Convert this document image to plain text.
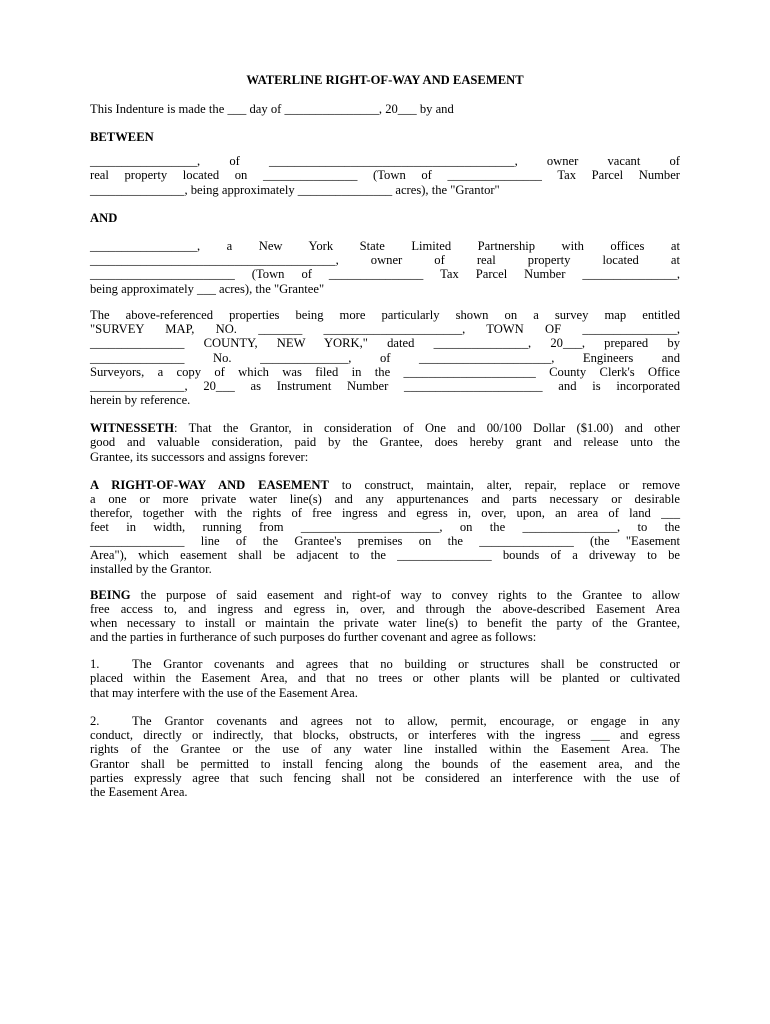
WATERLINE RIGHT-OF-WAY AND EASEMENT
This Indenture is made the ___ day of _______________, 20___ by and
BETWEEN
_________________, of _______________________________________, owner vacant of
real property located on _______________ (Town of _______________ Tax Parcel Number
_______________, being approximately _______________ acres), the "Grantor"
AND
_________________, a New York State Limited Partnership with offices at
_______________________________________, owner of real property located at
_______________________ (Town of _______________ Tax Parcel Number _______________,
being approximately ___ acres), the "Grantee"
The above-referenced properties being more particularly shown on a survey map entitled
"SURVEY MAP, NO. _______ ______________________, TOWN OF _______________,
_______________ COUNTY, NEW YORK," dated _______________, 20___, prepared by
_______________ No. ______________, of _____________________, Engineers and
Surveyors, a copy of which was filed in the _____________________ County Clerk's Office
_______________, 20___ as Instrument Number ______________________ and is incorporated
herein by reference.
WITNESSETH: That the Grantor, in consideration of One and 00/100 Dollar ($1.00) and other
good and valuable consideration, paid by the Grantee, does hereby grant and release unto the
Grantee, its successors and assigns forever:
A RIGHT-OF-WAY AND EASEMENT to construct, maintain, alter, repair, replace or remove
a one or more private water line(s) and any appurtenances and parts necessary or desirable
therefor, together with the rights of free ingress and egress in, over, upon, an area of land ___
feet in width, running from ______________________, on the _______________, to the
_______________ line of the Grantee's premises on the _______________ (the "Easement
Area"), which easement shall be adjacent to the _______________ bounds of a driveway to be
installed by the Grantor.
BEING the purpose of said easement and right-of way to convey rights to the Grantee to allow
free access to, and ingress and egress in, over, and through the above-described Easement Area
when necessary to install or maintain the private water line(s) to benefit the party of the Grantee,
and the parties in furtherance of such purposes do further covenant and agree as follows:
1.	The Grantor covenants and agrees that no building or structures shall be constructed or
placed within the Easement Area, and that no trees or other plants will be planted or cultivated
that may interfere with the use of the Easement Area.
2.	The Grantor covenants and agrees not to allow, permit, encourage, or engage in any
conduct, directly or indirectly, that blocks, obstructs, or interferes with the ingress ___ and egress
rights of the Grantee or the use of any water line installed within the Easement Area. The
Grantor shall be permitted to install fencing along the bounds of the easement area, and the
parties expressly agree that such fencing shall not be considered an interference with the use of
the Easement Area.
